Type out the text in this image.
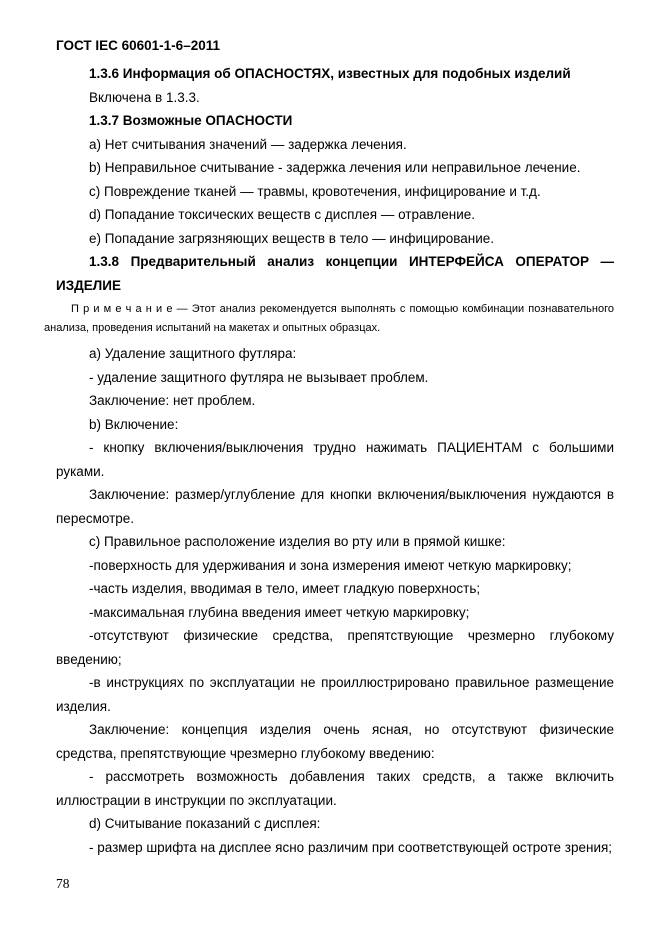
ГОСТ IEC 60601-1-6–2011

1.3.6 Информация об ОПАСНОСТЯХ, известных для подобных изделий

Включена в 1.3.3.

1.3.7 Возможные ОПАСНОСТИ

a) Нет считывания значений — задержка лечения.

b) Неправильное считывание - задержка лечения или неправильное лечение.

c) Повреждение тканей — травмы, кровотечения, инфицирование и т.д.

d) Попадание токсических веществ с дисплея — отравление.

e) Попадание загрязняющих веществ в тело — инфицирование.

1.3.8 Предварительный анализ концепции ИНТЕРФЕЙСА ОПЕРАТОР — ИЗДЕЛИЕ

П р и м е ч а н и е — Этот анализ рекомендуется выполнять с помощью комбинации познавательного анализа, проведения испытаний на макетах и опытных образцах.

a) Удаление защитного футляра:

- удаление защитного футляра не вызывает проблем.

Заключение: нет проблем.

b) Включение:

- кнопку включения/выключения трудно нажимать ПАЦИЕНТАМ с большими руками.

Заключение: размер/углубление для кнопки включения/выключения нуждаются в пересмотре.

c) Правильное расположение изделия во рту или в прямой кишке:

-поверхность для удерживания и зона измерения имеют четкую маркировку;

-часть изделия, вводимая в тело, имеет гладкую поверхность;

-максимальная глубина введения имеет четкую маркировку;

-отсутствуют физические средства, препятствующие чрезмерно глубокому введению;

-в инструкциях по эксплуатации не проиллюстрировано правильное размещение изделия.

Заключение: концепция изделия очень ясная, но отсутствуют физические средства, препятствующие чрезмерно глубокому введению:

- рассмотреть возможность добавления таких средств, а также включить иллюстрации в инструкции по эксплуатации.

d) Считывание показаний с дисплея:

- размер шрифта на дисплее ясно различим при соответствующей остроте зрения;

78
